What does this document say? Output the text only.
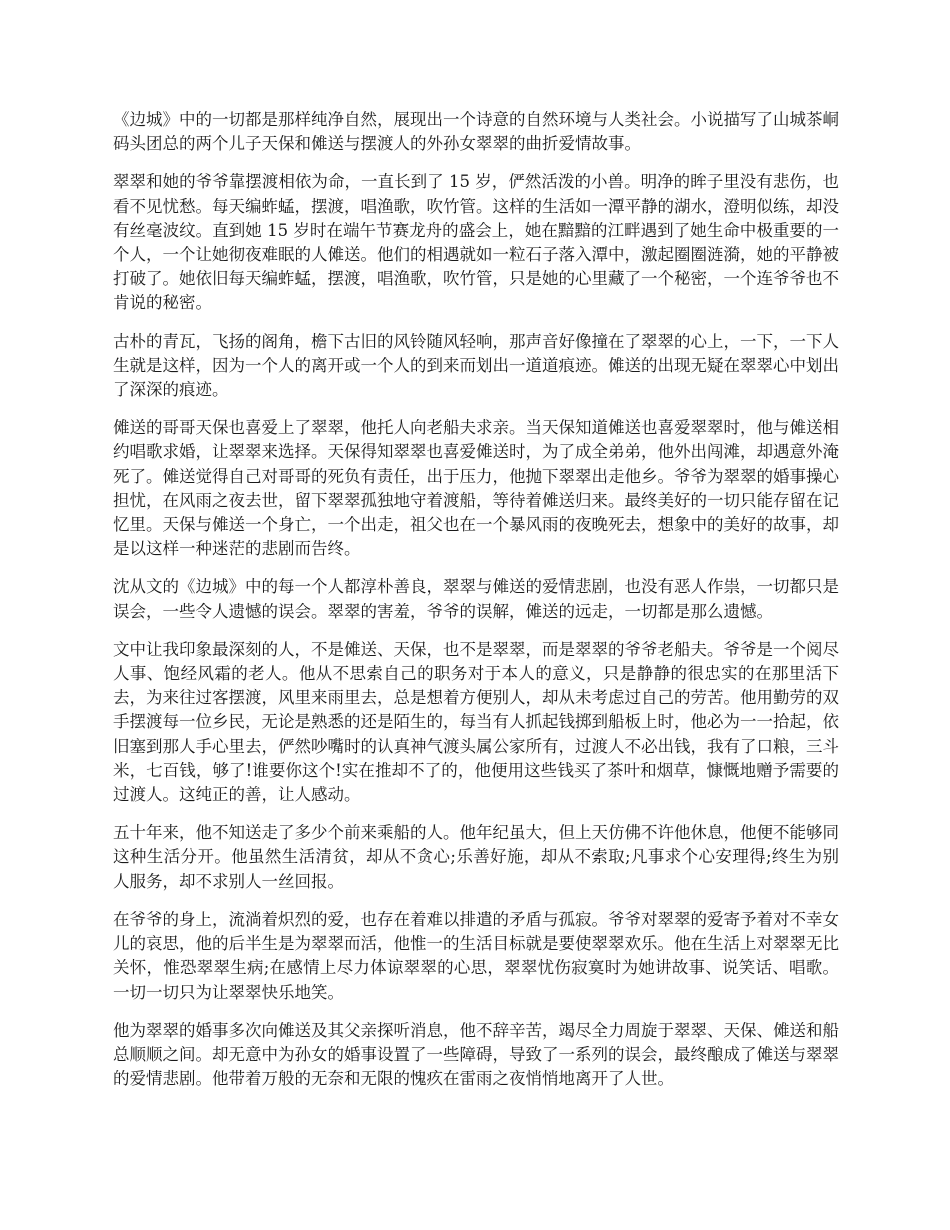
《边城》中的一切都是那样纯净自然，展现出一个诗意的自然环境与人类社会。小说描写了山城茶峒码头团总的两个儿子天保和傩送与摆渡人的外孙女翠翠的曲折爱情故事。

翠翠和她的爷爷靠摆渡相依为命，一直长到了 15 岁，俨然活泼的小兽。明净的眸子里没有悲伤，也看不见忧愁。每天编蚱蜢，摆渡，唱渔歌，吹竹管。这样的生活如一潭平静的湖水，澄明似练，却没有丝毫波纹。直到她 15 岁时在端午节赛龙舟的盛会上，她在黯黯的江畔遇到了她生命中极重要的一个人，一个让她彻夜难眠的人傩送。他们的相遇就如一粒石子落入潭中，激起圈圈涟漪，她的平静被打破了。她依旧每天编蚱蜢，摆渡，唱渔歌，吹竹管，只是她的心里藏了一个秘密，一个连爷爷也不肯说的秘密。

古朴的青瓦，飞扬的阁角，檐下古旧的风铃随风轻响，那声音好像撞在了翠翠的心上，一下，一下人生就是这样，因为一个人的离开或一个人的到来而划出一道道痕迹。傩送的出现无疑在翠翠心中划出了深深的痕迹。

傩送的哥哥天保也喜爱上了翠翠，他托人向老船夫求亲。当天保知道傩送也喜爱翠翠时，他与傩送相约唱歌求婚，让翠翠来选择。天保得知翠翠也喜爱傩送时，为了成全弟弟，他外出闯滩，却遇意外淹死了。傩送觉得自己对哥哥的死负有责任，出于压力，他抛下翠翠出走他乡。爷爷为翠翠的婚事操心担忧，在风雨之夜去世，留下翠翠孤独地守着渡船，等待着傩送归来。最终美好的一切只能存留在记忆里。天保与傩送一个身亡，一个出走，祖父也在一个暴风雨的夜晚死去，想象中的美好的故事，却是以这样一种迷茫的悲剧而告终。

沈从文的《边城》中的每一个人都淳朴善良，翠翠与傩送的爱情悲剧，也没有恶人作祟，一切都只是误会，一些令人遗憾的误会。翠翠的害羞，爷爷的误解，傩送的远走，一切都是那么遗憾。

文中让我印象最深刻的人，不是傩送、天保，也不是翠翠，而是翠翠的爷爷老船夫。爷爷是一个阅尽人事、饱经风霜的老人。他从不思索自己的职务对于本人的意义，只是静静的很忠实的在那里活下去，为来往过客摆渡，风里来雨里去，总是想着方便别人，却从未考虑过自己的劳苦。他用勤劳的双手摆渡每一位乡民，无论是熟悉的还是陌生的，每当有人抓起钱掷到船板上时，他必为一一拾起，依旧塞到那人手心里去，俨然吵嘴时的认真神气渡头属公家所有，过渡人不必出钱，我有了口粮，三斗米，七百钱，够了!谁要你这个!实在推却不了的，他便用这些钱买了茶叶和烟草，慷慨地赠予需要的过渡人。这纯正的善，让人感动。

五十年来，他不知送走了多少个前来乘船的人。他年纪虽大，但上天仿佛不许他休息，他便不能够同这种生活分开。他虽然生活清贫，却从不贪心;乐善好施，却从不索取;凡事求个心安理得;终生为别人服务，却不求别人一丝回报。

在爷爷的身上，流淌着炽烈的爱，也存在着难以排遣的矛盾与孤寂。爷爷对翠翠的爱寄予着对不幸女儿的哀思，他的后半生是为翠翠而活，他惟一的生活目标就是要使翠翠欢乐。他在生活上对翠翠无比关怀，惟恐翠翠生病;在感情上尽力体谅翠翠的心思，翠翠忧伤寂寞时为她讲故事、说笑话、唱歌。一切一切只为让翠翠快乐地笑。

他为翠翠的婚事多次向傩送及其父亲探听消息，他不辞辛苦，竭尽全力周旋于翠翠、天保、傩送和船总顺顺之间。却无意中为孙女的婚事设置了一些障碍，导致了一系列的误会，最终酿成了傩送与翠翠的爱情悲剧。他带着万般的无奈和无限的愧疚在雷雨之夜悄悄地离开了人世。
